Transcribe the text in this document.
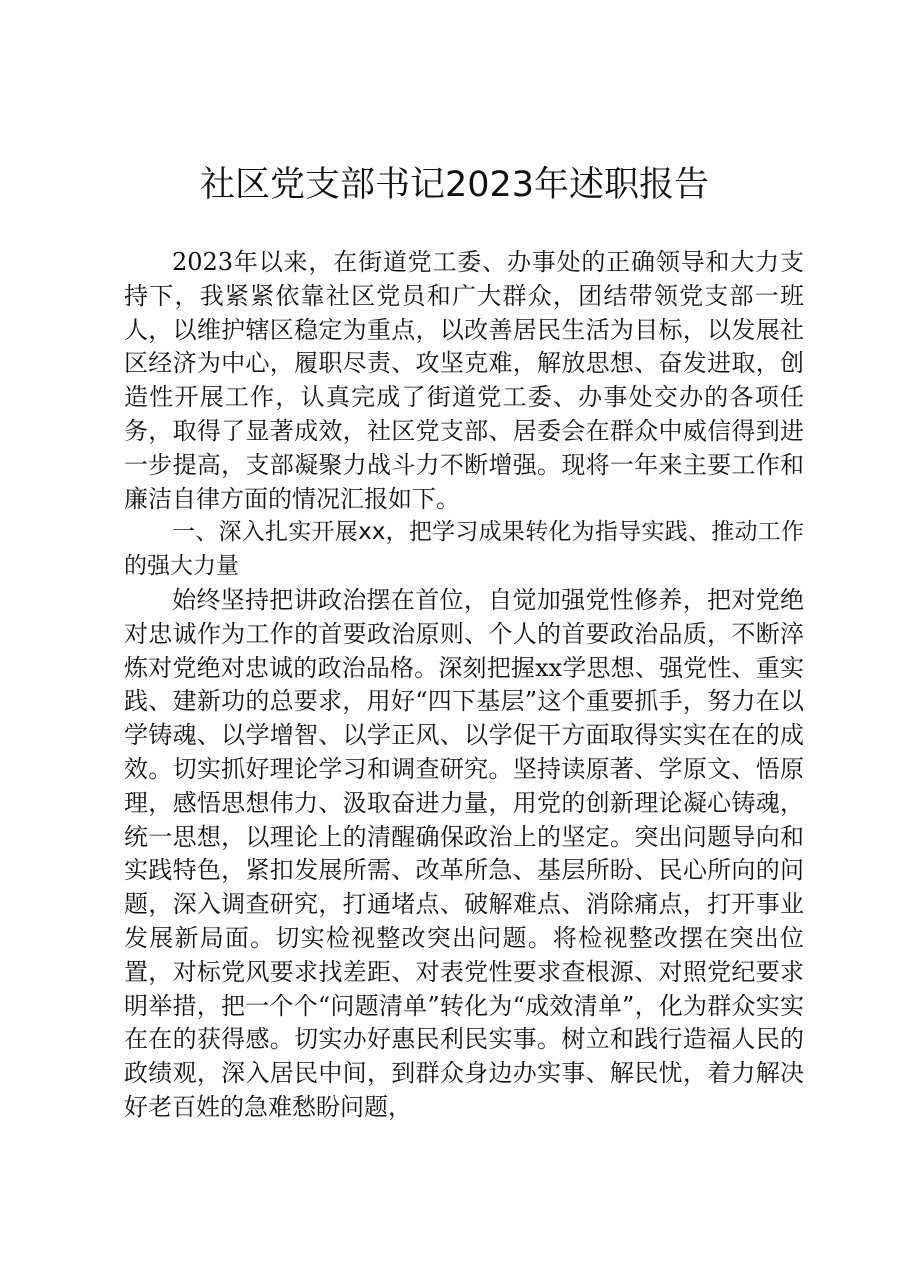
社区党支部书记2023年述职报告

2023年以来，在街道党工委、办事处的正确领导和大力支持下，我紧紧依靠社区党员和广大群众，团结带领党支部一班人，以维护辖区稳定为重点，以改善居民生活为目标，以发展社区经济为中心，履职尽责、攻坚克难，解放思想、奋发进取，创造性开展工作，认真完成了街道党工委、办事处交办的各项任务，取得了显著成效，社区党支部、居委会在群众中威信得到进一步提高，支部凝聚力战斗力不断增强。现将一年来主要工作和廉洁自律方面的情况汇报如下。

一、深入扎实开展xx，把学习成果转化为指导实践、推动工作的强大力量

始终坚持把讲政治摆在首位，自觉加强党性修养，把对党绝对忠诚作为工作的首要政治原则、个人的首要政治品质，不断淬炼对党绝对忠诚的政治品格。深刻把握xx学思想、强党性、重实践、建新功的总要求，用好“四下基层”这个重要抓手，努力在以学铸魂、以学增智、以学正风、以学促干方面取得实实在在的成效。切实抓好理论学习和调查研究。坚持读原著、学原文、悟原理，感悟思想伟力、汲取奋进力量，用党的创新理论凝心铸魂，统一思想，以理论上的清醒确保政治上的坚定。突出问题导向和实践特色，紧扣发展所需、改革所急、基层所盼、民心所向的问题，深入调查研究，打通堵点、破解难点、消除痛点，打开事业发展新局面。切实检视整改突出问题。将检视整改摆在突出位置，对标党风要求找差距、对表党性要求查根源、对照党纪要求明举措，把一个个“问题清单”转化为“成效清单”，化为群众实实在在的获得感。切实办好惠民利民实事。树立和践行造福人民的政绩观，深入居民中间，到群众身边办实事、解民忧，着力解决好老百姓的急难愁盼问题，
